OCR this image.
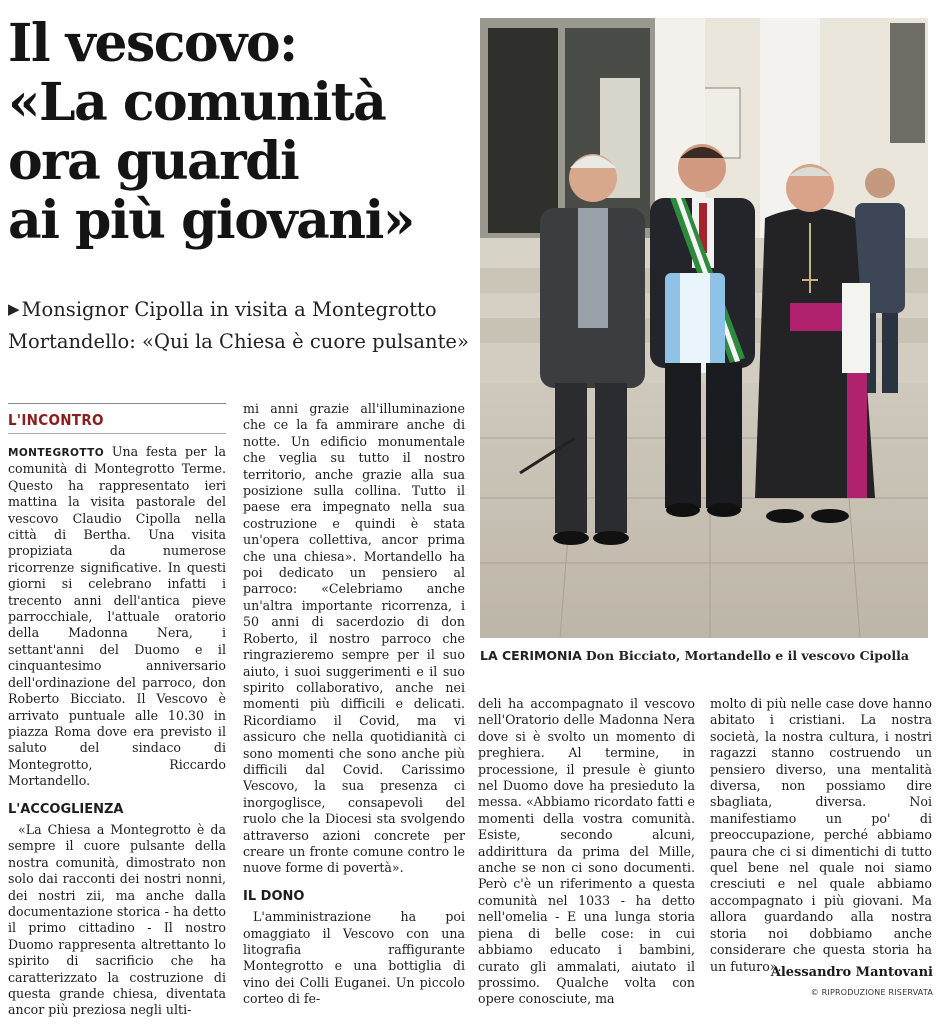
Il vescovo:
«La comunità
ora guardi
ai più giovani»
▶ Monsignor Cipolla in visita a Montegrotto
Mortandello: «Qui la Chiesa è cuore pulsante»
LA CERIMONIA Don Bicciato, Mortandello e il vescovo Cipolla
L'INCONTRO

MONTEGROTTO Una festa per la comunità di Montegrotto Terme. Questo ha rappresentato ieri mattina la visita pastorale del vescovo Claudio Cipolla nella città di Bertha. Una visita propiziata da numerose ricorrenze significative. In questi giorni si celebrano infatti i trecento anni dell'antica pieve parrocchiale, l'attuale oratorio della Madonna Nera, i settant'anni del Duomo e il cinquantesimo anniversario dell'ordinazione del parroco, don Roberto Bicciato. Il Vescovo è arrivato puntuale alle 10.30 in piazza Roma dove era previsto il saluto del sindaco di Montegrotto, Riccardo Mortandello.

L'ACCOGLIENZA

«La Chiesa a Montegrotto è da sempre il cuore pulsante della nostra comunità, dimostrato non solo dai racconti dei nostri nonni, dei nostri zii, ma anche dalla documentazione storica - ha detto il primo cittadino - Il nostro Duomo rappresenta altrettanto lo spirito di sacrificio che ha caratterizzato la costruzione di questa grande chiesa, diventata ancor più preziosa negli ulti-

mi anni grazie all'illuminazione che ce la fa ammirare anche di notte. Un edificio monumentale che veglia su tutto il nostro territorio, anche grazie alla sua posizione sulla collina. Tutto il paese era impegnato nella sua costruzione e quindi è stata un'opera collettiva, ancor prima che una chiesa». Mortandello ha poi dedicato un pensiero al parroco: «Celebriamo anche un'altra importante ricorrenza, i 50 anni di sacerdozio di don Roberto, il nostro parroco che ringrazieremo sempre per il suo aiuto, i suoi suggerimenti e il suo spirito collaborativo, anche nei momenti più difficili e delicati. Ricordiamo il Covid, ma vi assicuro che nella quotidianità ci sono momenti che sono anche più difficili dal Covid. Carissimo Vescovo, la sua presenza ci inorgoglisce, consapevoli del ruolo che la Diocesi sta svolgendo attraverso azioni concrete per creare un fronte comune contro le nuove forme di povertà».

IL DONO

L'amministrazione ha poi omaggiato il Vescovo con una litografia raffigurante Montegrotto e una bottiglia di vino dei Colli Euganei. Un piccolo corteo di fe-

deli ha accompagnato il vescovo nell'Oratorio delle Madonna Nera dove si è svolto un momento di preghiera. Al termine, in processione, il presule è giunto nel Duomo dove ha presieduto la messa. «Abbiamo ricordato fatti e momenti della vostra comunità. Esiste, secondo alcuni, addirittura da prima del Mille, anche se non ci sono documenti. Però c'è un riferimento a questa comunità nel 1033 - ha detto nell'omelia - E una lunga storia piena di belle cose: in cui abbiamo educato i bambini, curato gli ammalati, aiutato il prossimo. Qualche volta con opere conosciute, ma

molto di più nelle case dove hanno abitato i cristiani. La nostra società, la nostra cultura, i nostri ragazzi stanno costruendo un pensiero diverso, una mentalità diversa, non possiamo dire sbagliata, diversa. Noi manifestiamo un po' di preoccupazione, perché abbiamo paura che ci si dimentichi di tutto quel bene nel quale noi siamo cresciuti e nel quale abbiamo accompagnato i più giovani. Ma allora guardando alla nostra storia noi dobbiamo anche considerare che questa storia ha un futuro».

Alessandro Mantovani
© RIPRODUZIONE RISERVATA
